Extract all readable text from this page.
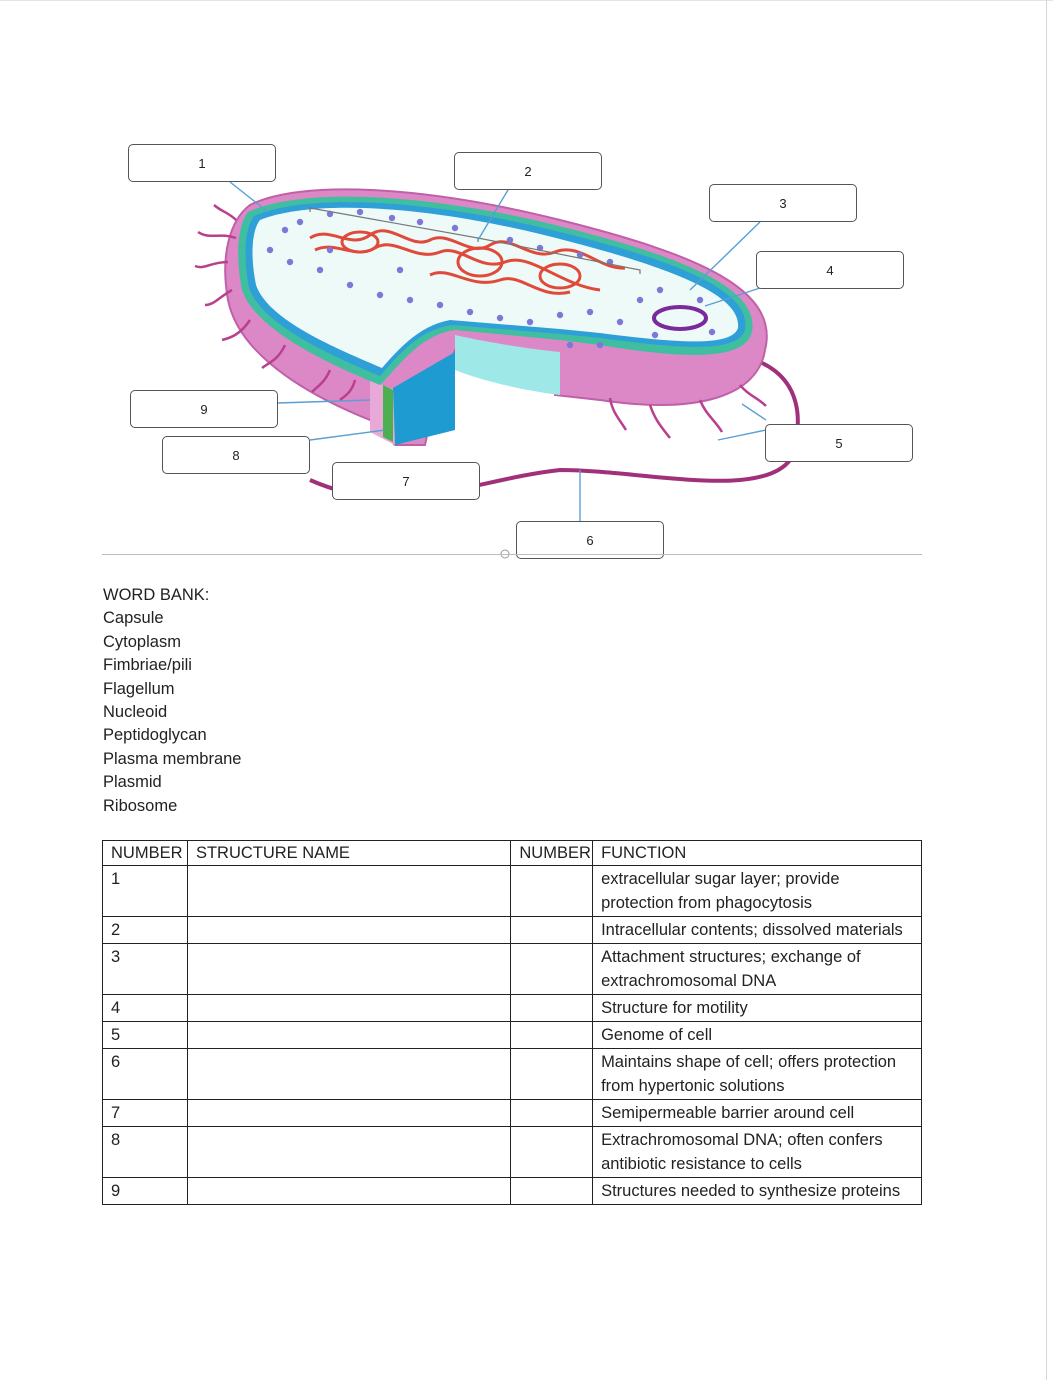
1
2
3
4
5
6
7
8
9
WORD BANK:
Capsule
Cytoplasm
Fimbriae/pili
Flagellum
Nucleoid
Peptidoglycan
Plasma membrane
Plasmid
Ribosome
NUMBER	STRUCTURE NAME	NUMBER	FUNCTION
1			extracellular sugar layer; provide protection from phagocytosis
2			Intracellular contents; dissolved materials
3			Attachment structures; exchange of extrachromosomal DNA
4			Structure for motility
5			Genome of cell
6			Maintains shape of cell; offers protection from hypertonic solutions
7			Semipermeable barrier around cell
8			Extrachromosomal DNA; often confers antibiotic resistance to cells
9			Structures needed to synthesize proteins
